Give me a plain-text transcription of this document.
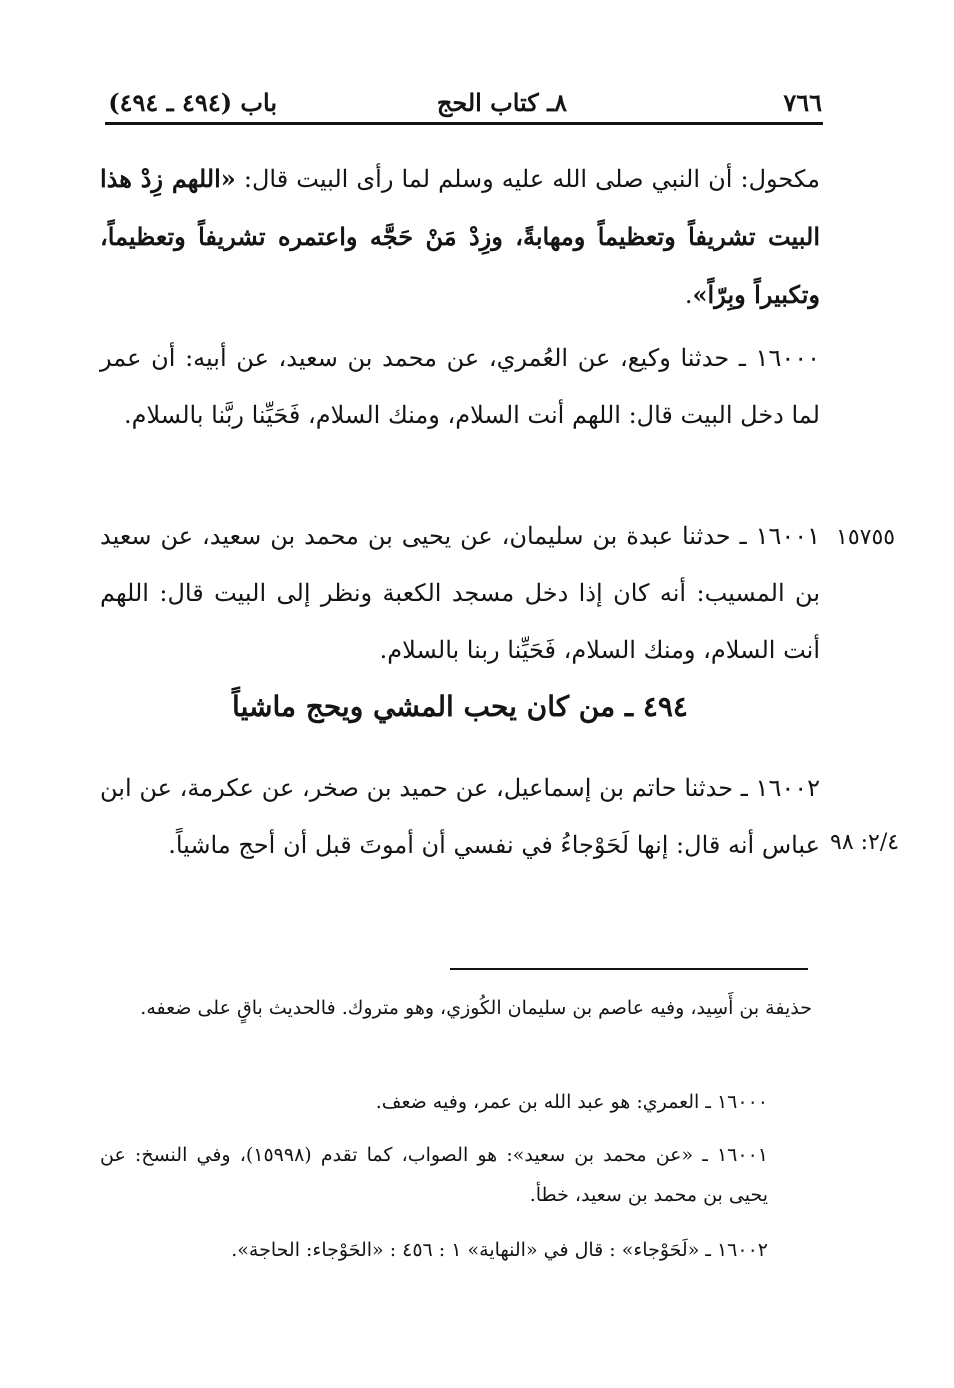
٧٦٦
٨ـ كتاب الحج
باب (٤٩٤ ـ ٤٩٤)
مكحول: أن النبي صلى الله عليه وسلم لما رأى البيت قال: «اللهم زِدْ هذا البيت تشريفاً وتعظيماً ومهابةً، وزِدْ مَنْ حَجَّه واعتمره تشريفاً وتعظيماً، وتكبيراً وبِرّاً».
١٦٠٠٠ ـ حدثنا وكيع، عن العُمري، عن محمد بن سعيد، عن أبيه: أن عمر لما دخل البيت قال: اللهم أنت السلام، ومنك السلام، فَحَيِّنا ربَّنا بالسلام.
١٥٧٥٥
١٦٠٠١ ـ حدثنا عبدة بن سليمان، عن يحيى بن محمد بن سعيد، عن سعيد بن المسيب: أنه كان إذا دخل مسجد الكعبة ونظر إلى البيت قال: اللهم أنت السلام، ومنك السلام، فَحَيِّنا ربنا بالسلام.
٤٩٤ ـ من كان يحب المشي ويحج ماشياً
٢/٤: ٩٨
١٦٠٠٢ ـ حدثنا حاتم بن إسماعيل، عن حميد بن صخر، عن عكرمة، عن ابن عباس أنه قال: إنها لَحَوْجاءُ في نفسي أن أموتَ قبل أن أحج ماشياً.
حذيفة بن أَسِيد، وفيه عاصم بن سليمان الكُوزي، وهو متروك. فالحديث باقٍ على ضعفه.
١٦٠٠٠ ـ العمري: هو عبد الله بن عمر، وفيه ضعف.
١٦٠٠١ ـ «عن محمد بن سعيد»: هو الصواب، كما تقدم (١٥٩٩٨)، وفي النسخ: عن يحيى بن محمد بن سعيد، خطأ.
١٦٠٠٢ ـ «لَحَوْجاء» : قال في «النهاية» ١ : ٤٥٦ : «الحَوْجاء: الحاجة».
